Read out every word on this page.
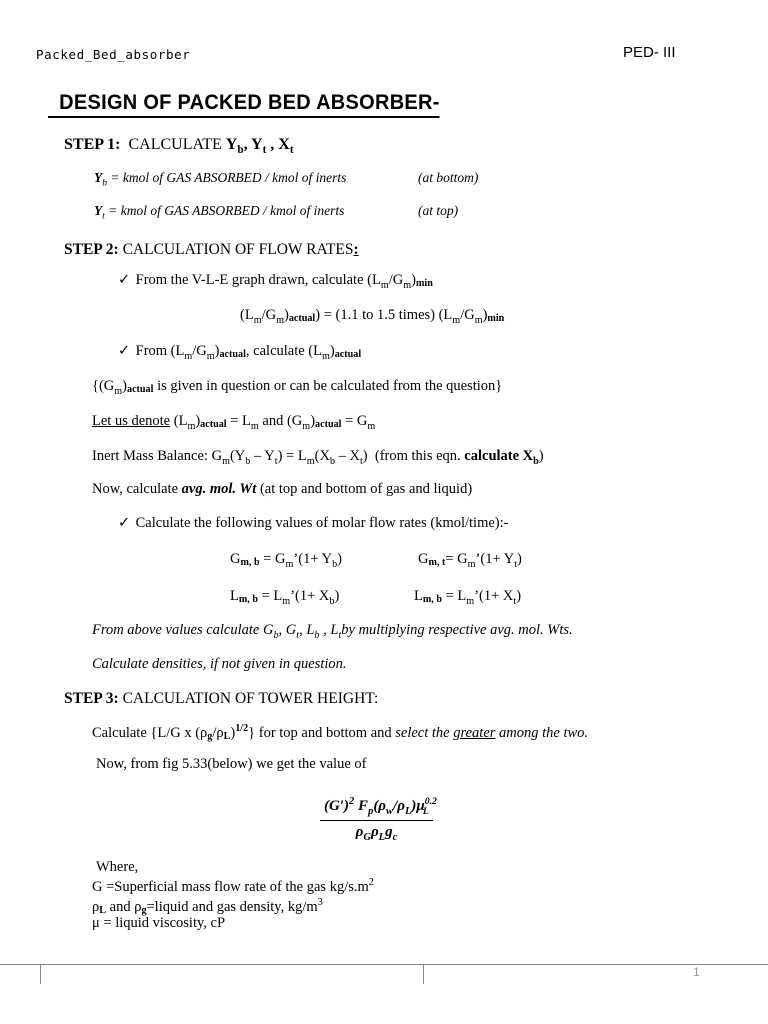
Packed_Bed_absorber	PED- III
DESIGN OF PACKED BED ABSORBER-
STEP 1: CALCULATE $Y_b$, $Y_t$ , $X_t$
$Y_b$ = kmol of GAS ABSORBED / kmol of inerts	(at bottom)
$Y_t$ = kmol of GAS ABSORBED / kmol of inerts	(at top)
STEP 2: CALCULATION OF FLOW RATES:
✓ From the V-L-E graph drawn, calculate $(L_m/G_m)\min$
$(L_m/G_m)actual) = (1.1$ to 1.5 times) $(L_m/G_m)\min$
✓ From $(L_m/G_m)actual$, calculate $(L_m)actual$
{$(G_m)actual$ is given in question or can be calculated from the question}
Let us denote $(L_m)actual = L_m$ and $(G_m)actual = G_m$
Inert Mass Balance: $G_m(Y_b - Y_t) = L_m(X_b - X_t)$  (from this eqn. calculate $X_b$)
Now, calculate avg. mol. Wt (at top and bottom of gas and liquid)
✓ Calculate the following values of molar flow rates (kmol/time):-
Gm, $b = G_m’(1+ Y_b)$	Gm, $t= G_m’(1+ Y_t)$
Lm, $b = L_m’(1+ X_b)$	Lm, $b = L_m’(1+ X_t)$
From above values calculate $G_b$, $G_t$, $L_b$ , $L_tby$ multiplying respective avg. mol. Wts.
Calculate densities, if not given in question.
STEP 3: CALCULATION OF TOWER HEIGHT:
Calculate {L/G x $(\rho g/\rho L)^{1/2}$} for top and bottom and select the greater among the two.
Now, from fig 5.33(below) we get the value of
$\frac{(G')^2 F_p(\rho_w/\rho_L)\mu^{0.2}_L}{\rho_G\rho_Lg_c}$
Where,
G =Superficial mass flow rate of the gas $kg/s.m^2$
ρL and ρg=liquid and gas density, $kg/m^3$
μ = liquid viscosity, cP
1
